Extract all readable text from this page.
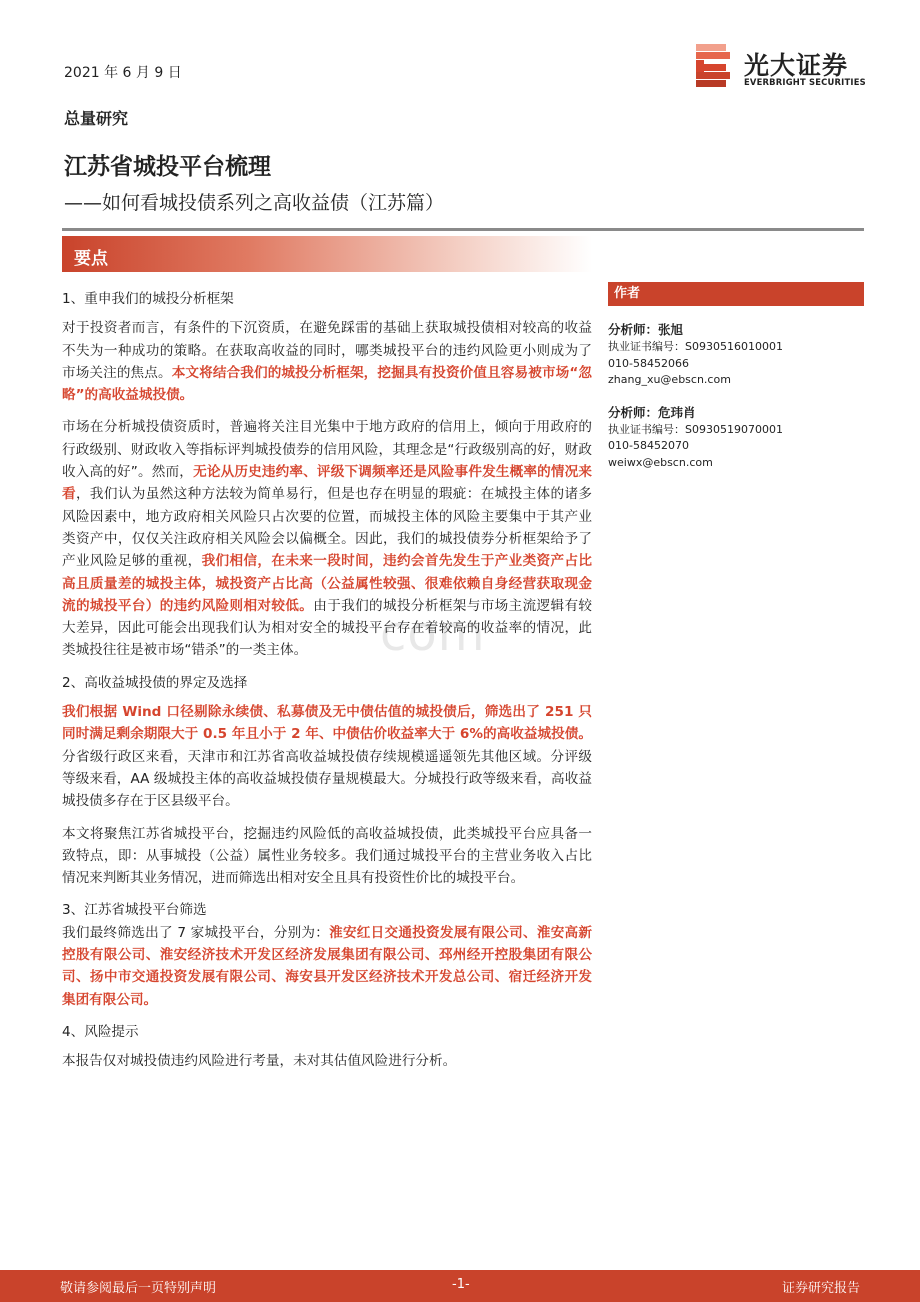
2021 年 6 月 9 日	光大证券
EVERBRIGHT SECURITIES
总量研究
江苏省城投平台梳理
——如何看城投债系列之高收益债（江苏篇）
要点
com

1、重申我们的城投分析框架

对于投资者而言，有条件的下沉资质，在避免踩雷的基础上获取城投债相对较高的收益不失为一种成功的策略。在获取高收益的同时，哪类城投平台的违约风险更小则成为了市场关注的焦点。本文将结合我们的城投分析框架，挖掘具有投资价值且容易被市场“忽略”的高收益城投债。

市场在分析城投债资质时，普遍将关注目光集中于地方政府的信用上，倾向于用政府的行政级别、财政收入等指标评判城投债券的信用风险，其理念是“行政级别高的好，财政收入高的好”。然而，无论从历史违约率、评级下调频率还是风险事件发生概率的情况来看，我们认为虽然这种方法较为简单易行，但是也存在明显的瑕疵：在城投主体的诸多风险因素中，地方政府相关风险只占次要的位置，而城投主体的风险主要集中于其产业类资产中，仅仅关注政府相关风险会以偏概全。因此，我们的城投债券分析框架给予了产业风险足够的重视，我们相信，在未来一段时间，违约会首先发生于产业类资产占比高且质量差的城投主体，城投资产占比高（公益属性较强、很难依赖自身经营获取现金流的城投平台）的违约风险则相对较低。由于我们的城投分析框架与市场主流逻辑有较大差异，因此可能会出现我们认为相对安全的城投平台存在着较高的收益率的情况，此类城投往往是被市场“错杀”的一类主体。

2、高收益城投债的界定及选择

我们根据 Wind 口径剔除永续债、私募债及无中债估值的城投债后，筛选出了 251 只同时满足剩余期限大于 0.5 年且小于 2 年、中债估价收益率大于 6%的高收益城投债。分省级行政区来看，天津市和江苏省高收益城投债存续规模遥遥领先其他区域。分评级等级来看，AA 级城投主体的高收益城投债存量规模最大。分城投行政等级来看，高收益城投债多存在于区县级平台。

本文将聚焦江苏省城投平台，挖掘违约风险低的高收益城投债，此类城投平台应具备一致特点，即：从事城投（公益）属性业务较多。我们通过城投平台的主营业务收入占比情况来判断其业务情况，进而筛选出相对安全且具有投资性价比的城投平台。

3、江苏省城投平台筛选

我们最终筛选出了 7 家城投平台，分别为：淮安红日交通投资发展有限公司、淮安高新控股有限公司、淮安经济技术开发区经济发展集团有限公司、邳州经开控股集团有限公司、扬中市交通投资发展有限公司、海安县开发区经济技术开发总公司、宿迁经济开发集团有限公司。

4、风险提示

本报告仅对城投债违约风险进行考量，未对其估值风险进行分析。

作者
分析师：张旭
执业证书编号：S0930516010001
010-58452066
zhang_xu@ebscn.com
分析师：危玮肖
执业证书编号：S0930519070001
010-58452070
weiwx@ebscn.com
敬请参阅最后一页特别声明	-1-	证券研究报告
